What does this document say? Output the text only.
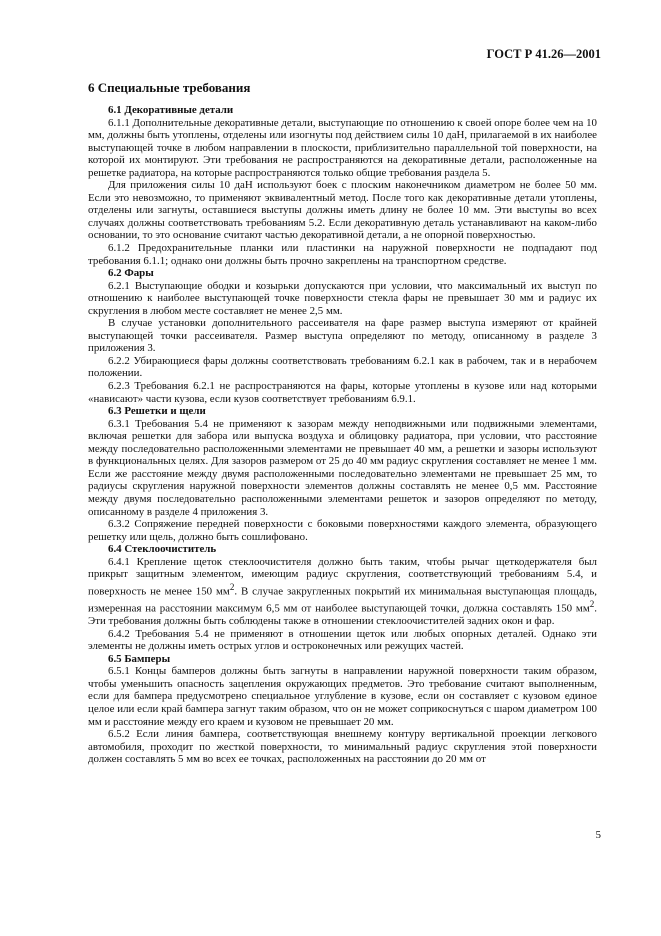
ГОСТ Р 41.26—2001
6 Специальные требования
6.1 Декоративные детали

6.1.1 Дополнительные декоративные детали, выступающие по отношению к своей опоре более чем на 10 мм, должны быть утоплены, отделены или изогнуты под действием силы 10 даН, прилагаемой в их наиболее выступающей точке в любом направлении в плоскости, приблизительно параллельной той поверхности, на которой их монтируют. Эти требования не распространяются на декоративные детали, расположенные на решетке радиатора, на которые распространяются только общие требования раздела 5.

Для приложения силы 10 даН используют боек с плоским наконечником диаметром не более 50 мм. Если это невозможно, то применяют эквивалентный метод. После того как декоративные детали утоплены, отделены или загнуты, оставшиеся выступы должны иметь длину не более 10 мм. Эти выступы во всех случаях должны соответствовать требованиям 5.2. Если декоративную деталь устанавливают на каком-либо основании, то это основание считают частью декоративной детали, а не опорной поверхностью.

6.1.2 Предохранительные планки или пластинки на наружной поверхности не подпадают под требования 6.1.1; однако они должны быть прочно закреплены на транспортном средстве.

6.2 Фары

6.2.1 Выступающие ободки и козырьки допускаются при условии, что максимальный их выступ по отношению к наиболее выступающей точке поверхности стекла фары не превышает 30 мм и радиус их скругления в любом месте составляет не менее 2,5 мм.

В случае установки дополнительного рассеивателя на фаре размер выступа измеряют от крайней выступающей точки рассеивателя. Размер выступа определяют по методу, описанному в разделе 3 приложения 3.

6.2.2 Убирающиеся фары должны соответствовать требованиям 6.2.1 как в рабочем, так и в нерабочем положении.

6.2.3 Требования 6.2.1 не распространяются на фары, которые утоплены в кузове или над которыми «нависают» части кузова, если кузов соответствует требованиям 6.9.1.

6.3 Решетки и щели

6.3.1 Требования 5.4 не применяют к зазорам между неподвижными или подвижными элементами, включая решетки для забора или выпуска воздуха и облицовку радиатора, при условии, что расстояние между последовательно расположенными элементами не превышает 40 мм, а решетки и зазоры используют в функциональных целях. Для зазоров размером от 25 до 40 мм радиус скругления составляет не менее 1 мм. Если же расстояние между двумя расположенными последовательно элементами не превышает 25 мм, то радиусы скругления наружной поверхности элементов должны составлять не менее 0,5 мм. Расстояние между двумя последовательно расположенными элементами решеток и зазоров определяют по методу, описанному в разделе 4 приложения 3.

6.3.2 Сопряжение передней поверхности с боковыми поверхностями каждого элемента, образующего решетку или щель, должно быть сошлифовано.

6.4 Стеклоочиститель

6.4.1 Крепление щеток стеклоочистителя должно быть таким, чтобы рычаг щеткодержателя был прикрыт защитным элементом, имеющим радиус скругления, соответствующий требованиям 5.4, и поверхность не менее 150 $мм^2$. В случае закругленных покрытий их минимальная выступающая площадь, измеренная на расстоянии максимум 6,5 мм от наиболее выступающей точки, должна составлять 150 $мм^2$. Эти требования должны быть соблюдены также в отношении стеклоочистителей задних окон и фар.

6.4.2 Требования 5.4 не применяют в отношении щеток или любых опорных деталей. Однако эти элементы не должны иметь острых углов и остроконечных или режущих частей.

6.5 Бамперы

6.5.1 Концы бамперов должны быть загнуты в направлении наружной поверхности таким образом, чтобы уменьшить опасность зацепления окружающих предметов. Это требование считают выполненным, если для бампера предусмотрено специальное углубление в кузове, если он составляет с кузовом единое целое или если край бампера загнут таким образом, что он не может соприкоснуться с шаром диаметром 100 мм и расстояние между его краем и кузовом не превышает 20 мм.

6.5.2 Если линия бампера, соответствующая внешнему контуру вертикальной проекции легкового автомобиля, проходит по жесткой поверхности, то минимальный радиус скругления этой поверхности должен составлять 5 мм во всех ее точках, расположенных на расстоянии до 20 мм от

5
